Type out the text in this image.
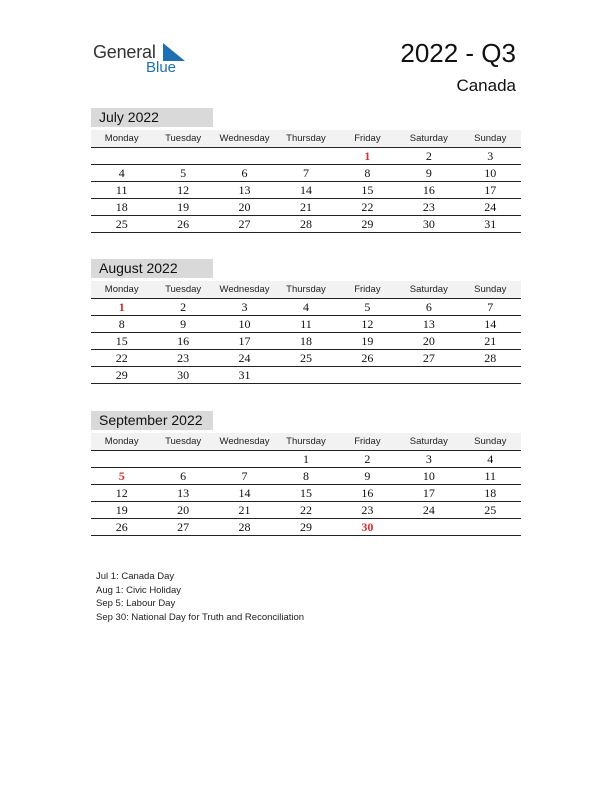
General
Blue	2022 - Q3
Canada
July 2022
Monday	Tuesday	Wednesday	Thursday	Friday	Saturday	Sunday
				1	2	3
4	5	6	7	8	9	10
11	12	13	14	15	16	17
18	19	20	21	22	23	24
25	26	27	28	29	30	31
August 2022
Monday	Tuesday	Wednesday	Thursday	Friday	Saturday	Sunday
1	2	3	4	5	6	7
8	9	10	11	12	13	14
15	16	17	18	19	20	21
22	23	24	25	26	27	28
29	30	31				
September 2022
Monday	Tuesday	Wednesday	Thursday	Friday	Saturday	Sunday
			1	2	3	4
5	6	7	8	9	10	11
12	13	14	15	16	17	18
19	20	21	22	23	24	25
26	27	28	29	30		
Jul 1: Canada Day
Aug 1: Civic Holiday
Sep 5: Labour Day
Sep 30: National Day for Truth and Reconciliation
